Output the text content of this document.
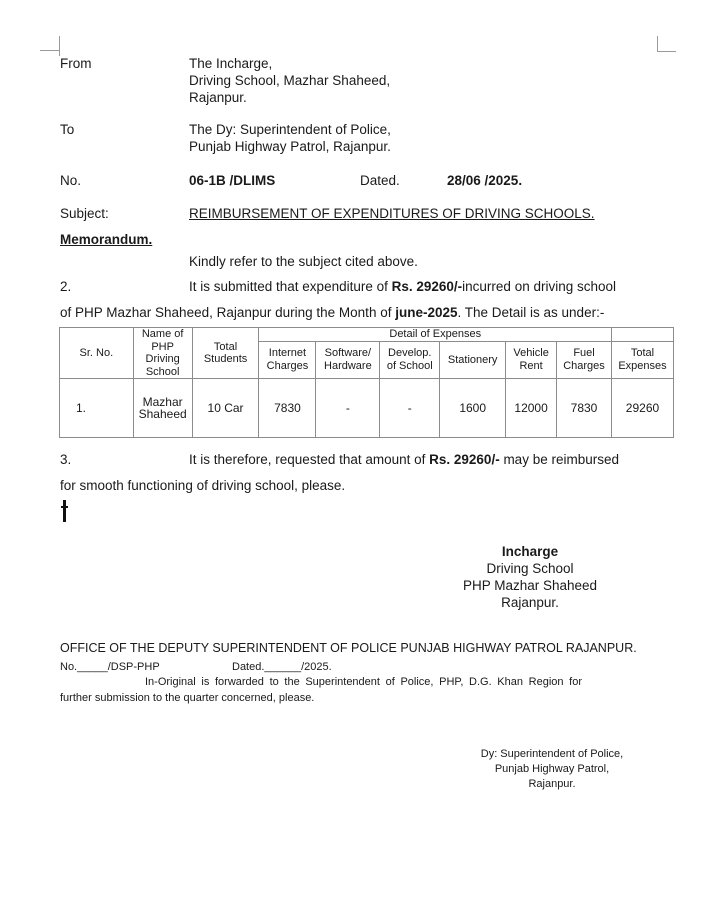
From	The Incharge,
Driving School, Mazhar Shaheed,
Rajanpur.
To	The Dy: Superintendent of Police,
Punjab Highway Patrol, Rajanpur.
No.	06-1B /DLIMS	Dated.	28/06 /2025.
Subject:	REIMBURSEMENT OF EXPENDITURES OF DRIVING SCHOOLS.
Memorandum.
Kindly refer to the subject cited above.
2.	It is submitted that expenditure of Rs. 29260/-incurred on driving school
of PHP Mazhar Shaheed, Rajanpur during the Month of june-2025. The Detail is as under:-
Sr. No.	Name of PHP Driving School	Total Students	Detail of Expenses						
			Internet Charges	Software/ Hardware	Develop. of School	Stationery	Vehicle Rent	Fuel Charges	Total Expenses
1.	Mazhar Shaheed	10 Car	7830	-	-	1600	12000	7830	29260
3.	It is therefore, requested that amount of Rs. 29260/- may be reimbursed
for smooth functioning of driving school, please.
Incharge
Driving School
PHP Mazhar Shaheed
Rajanpur.
OFFICE OF THE DEPUTY SUPERINTENDENT OF POLICE PUNJAB HIGHWAY PATROL RAJANPUR.
No._____/DSP-PHP	Dated.______/2025.
In-Original is forwarded to the Superintendent of Police, PHP, D.G. Khan Region for
further submission to the quarter concerned, please.
Dy: Superintendent of Police,
Punjab Highway Patrol,
Rajanpur.
